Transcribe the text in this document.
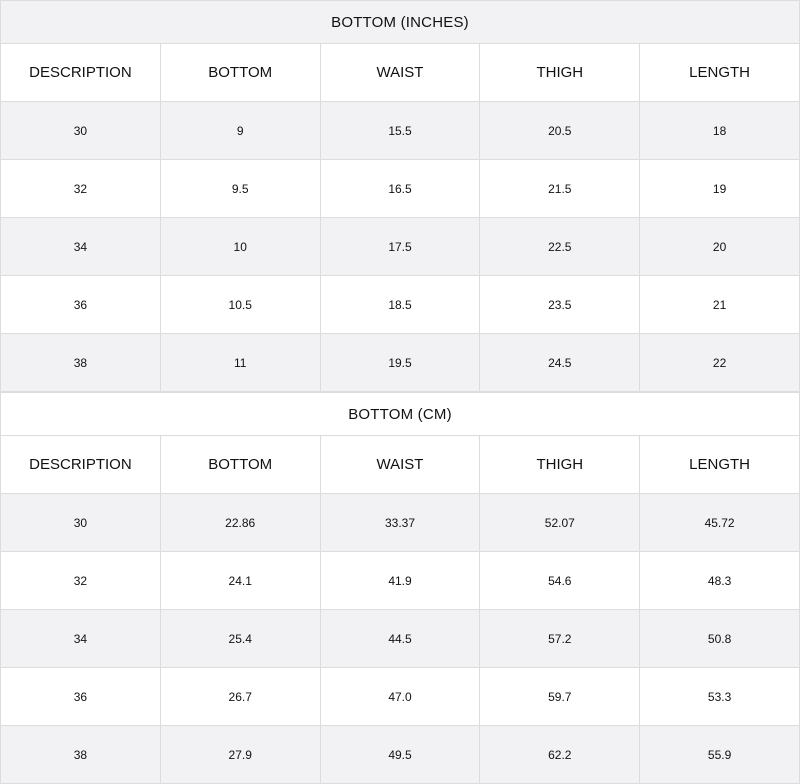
BOTTOM (INCHES)				
DESCRIPTION	BOTTOM	WAIST	THIGH	LENGTH
30	9	15.5	20.5	18
32	9.5	16.5	21.5	19
34	10	17.5	22.5	20
36	10.5	18.5	23.5	21
38	11	19.5	24.5	22
BOTTOM (CM)				
DESCRIPTION	BOTTOM	WAIST	THIGH	LENGTH
30	22.86	33.37	52.07	45.72
32	24.1	41.9	54.6	48.3
34	25.4	44.5	57.2	50.8
36	26.7	47.0	59.7	53.3
38	27.9	49.5	62.2	55.9
